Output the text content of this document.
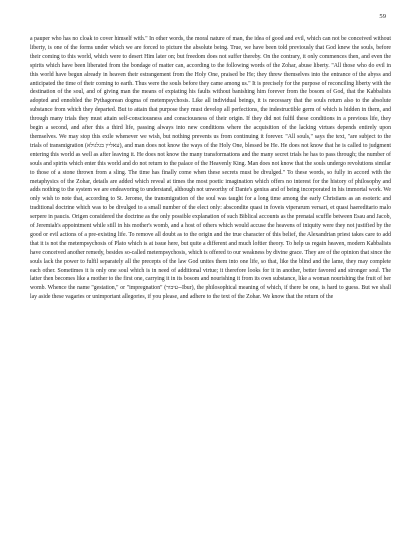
59

a pauper who has no cloak to cover himself with." In other words, the moral nature of man, the idea of good and evil, which can not be conceived without liberty, is one of the forms under which we are forced to picture the absolute being. True, we have been told previously that God knew the souls, before their coming to this world, which were to desert Him later on; but freedom does not suffer thereby. On the contrary, it only commences then, and even the spirits which have been liberated from the bondage of matter can, according to the following words of the Zohar, abuse liberty. "All those who do evil in this world have begun already in heaven their estrangement from the Holy One, praised be He; they threw themselves into the entrance of the abyss and anticipated the time of their coming to earth. Thus were the souls before they came among us." It is precisely for the purpose of reconciling liberty with the destination of the soul, and of giving man the means of expiating his faults without banishing him forever from the bosom of God, that the Kabbalists adopted and ennobled the Pythagorean dogma of metempsychosis. Like all individual beings, it is necessary that the souls return also to the absolute substance from which they departed. But to attain that purpose they must develop all perfections, the indestructible germ of which is hidden in them, and through many trials they must attain self-consciousness and consciousness of their origin. If they did not fulfil these conditions in a previous life, they begin a second, and after this a third life, passing always into new conditions where the acquisition of the lacking virtues depends entirely upon themselves. We may stop this exile whenever we wish, but nothing prevents us from continuing it forever. "All souls," says the text, "are subject to the trials of transmigration (עאליין בגלגולא), and man does not know the ways of the Holy One, blessed be He. He does not know that he is called to judgment entering this world as well as after leaving it. He does not know the many transformations and the many secret trials he has to pass through; the number of souls and spirits which enter this world and do not return to the palace of the Heavenly King. Man does not know that the souls undergo revolutions similar to those of a stone thrown from a sling. The time has finally come when these secrets must be divulged." To these words, so fully in accord with the metaphysics of the Zohar, details are added which reveal at times the most poetic imagination which offers no interest for the history of philosophy and adds nothing to the system we are endeavoring to understand, although not unworthy of Dante's genius and of being incorporated in his immortal work. We only wish to note that, according to St. Jerome, the transmigration of the soul was taught for a long time among the early Christians as an esoteric and traditional doctrine which was to be divulged to a small number of the elect only: abscondite quasi in foveis viperarum versari, et quasi haereditario malo serpere in paucis. Origen considered the doctrine as the only possible explanation of such Biblical accounts as the prenatal scuffle between Esau and Jacob, of Jeremiah's appointment while still in his mother's womb, and a host of others which would accuse the heavens of iniquity were they not justified by the good or evil actions of a pre-existing life. To remove all doubt as to the origin and the true character of this belief, the Alexandrian priest takes care to add that it is not the metempsychosis of Plato which is at issue here, but quite a different and much loftier theory. To help us regain heaven, modern Kabbalists have conceived another remedy, besides so-called metempsychosis, which is offered to our weakness by divine grace. They are of the opinion that since the souls lack the power to fulfil separately all the precepts of the law God unites them into one life, so that, like the blind and the lame, they may complete each other. Sometimes it is only one soul which is in need of additional virtue; it therefore looks for it in another, better favored and stronger soul. The latter then becomes like a mother to the first one, carrying it in its bosom and nourishing it from its own substance, like a woman nourishing the fruit of her womb. Whence the name "gestation," or "impregnation" (עיבור--Ibur), the philosophical meaning of which, if there be one, is hard to guess. But we shall lay aside these vagaries or unimportant allegories, if you please, and adhere to the text of the Zohar. We know that the return of the
